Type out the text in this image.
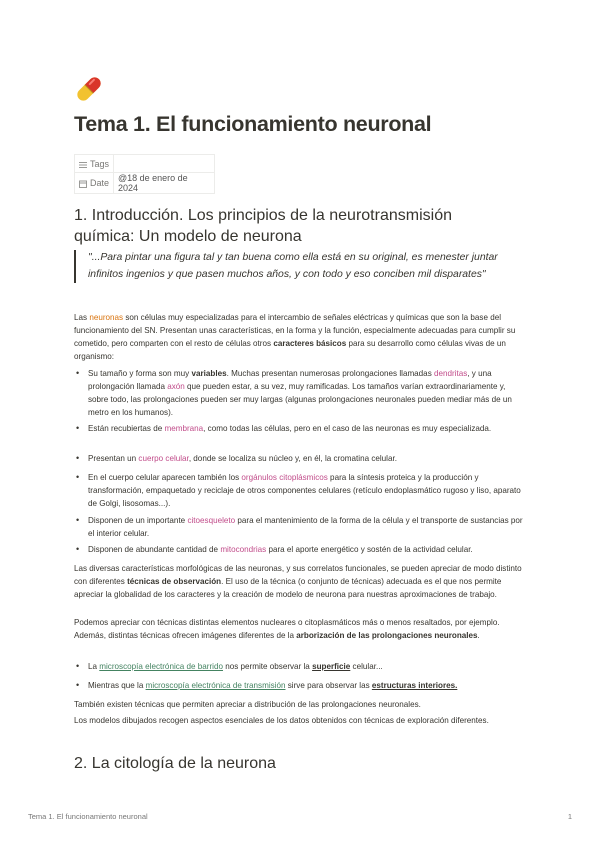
Tema 1. El funcionamiento neuronal
Tags	
Date	@18 de enero de 2024
1. Introducción. Los principios de la neurotransmisión
química: Un modelo de neurona
"...Para pintar una figura tal y tan buena como ella está en su original, es menester juntar infinitos ingenios y que pasen muchos años, y con todo y eso conciben mil disparates"

Las neuronas son células muy especializadas para el intercambio de señales eléctricas y químicas que son la base del funcionamiento del SN. Presentan unas características, en la forma y la función, especialmente adecuadas para cumplir su cometido, pero comparten con el resto de células otros caracteres básicos para su desarrollo como células vivas de un organismo:

• Su tamaño y forma son muy variables. Muchas presentan numerosas prolongaciones llamadas dendritas, y una prolongación llamada axón que pueden estar, a su vez, muy ramificadas. Los tamaños varían extraordinariamente y, sobre todo, las prolongaciones pueden ser muy largas (algunas prolongaciones neuronales pueden mediar más de un metro en los humanos).

• Están recubiertas de membrana, como todas las células, pero en el caso de las neuronas es muy especializada.

• Presentan un cuerpo celular, donde se localiza su núcleo y, en él, la cromatina celular.

• En el cuerpo celular aparecen también los orgánulos citoplásmicos para la síntesis proteica y la producción y transformación, empaquetado y reciclaje de otros componentes celulares (retículo endoplasmático rugoso y liso, aparato de Golgi, lisosomas...).

• Disponen de un importante citoesqueleto para el mantenimiento de la forma de la célula y el transporte de sustancias por el interior celular.

• Disponen de abundante cantidad de mitocondrias para el aporte energético y sostén de la actividad celular.

Las diversas características morfológicas de las neuronas, y sus correlatos funcionales, se pueden apreciar de modo distinto con diferentes técnicas de observación. El uso de la técnica (o conjunto de técnicas) adecuada es el que nos permite apreciar la globalidad de los caracteres y la creación de modelo de neurona para nuestras aproximaciones de trabajo.

Podemos apreciar con técnicas distintas elementos nucleares o citoplasmáticos más o menos resaltados, por ejemplo. Además, distintas técnicas ofrecen imágenes diferentes de la arborización de las prolongaciones neuronales.

• La microscopía electrónica de barrido nos permite observar la superficie celular...

• Mientras que la microscopía electrónica de transmisión sirve para observar las estructuras interiores.

También existen técnicas que permiten apreciar a distribución de las prolongaciones neuronales.

Los modelos dibujados recogen aspectos esenciales de los datos obtenidos con técnicas de exploración diferentes.

2. La citología de la neurona
Tema 1. El funcionamiento neuronal	1
